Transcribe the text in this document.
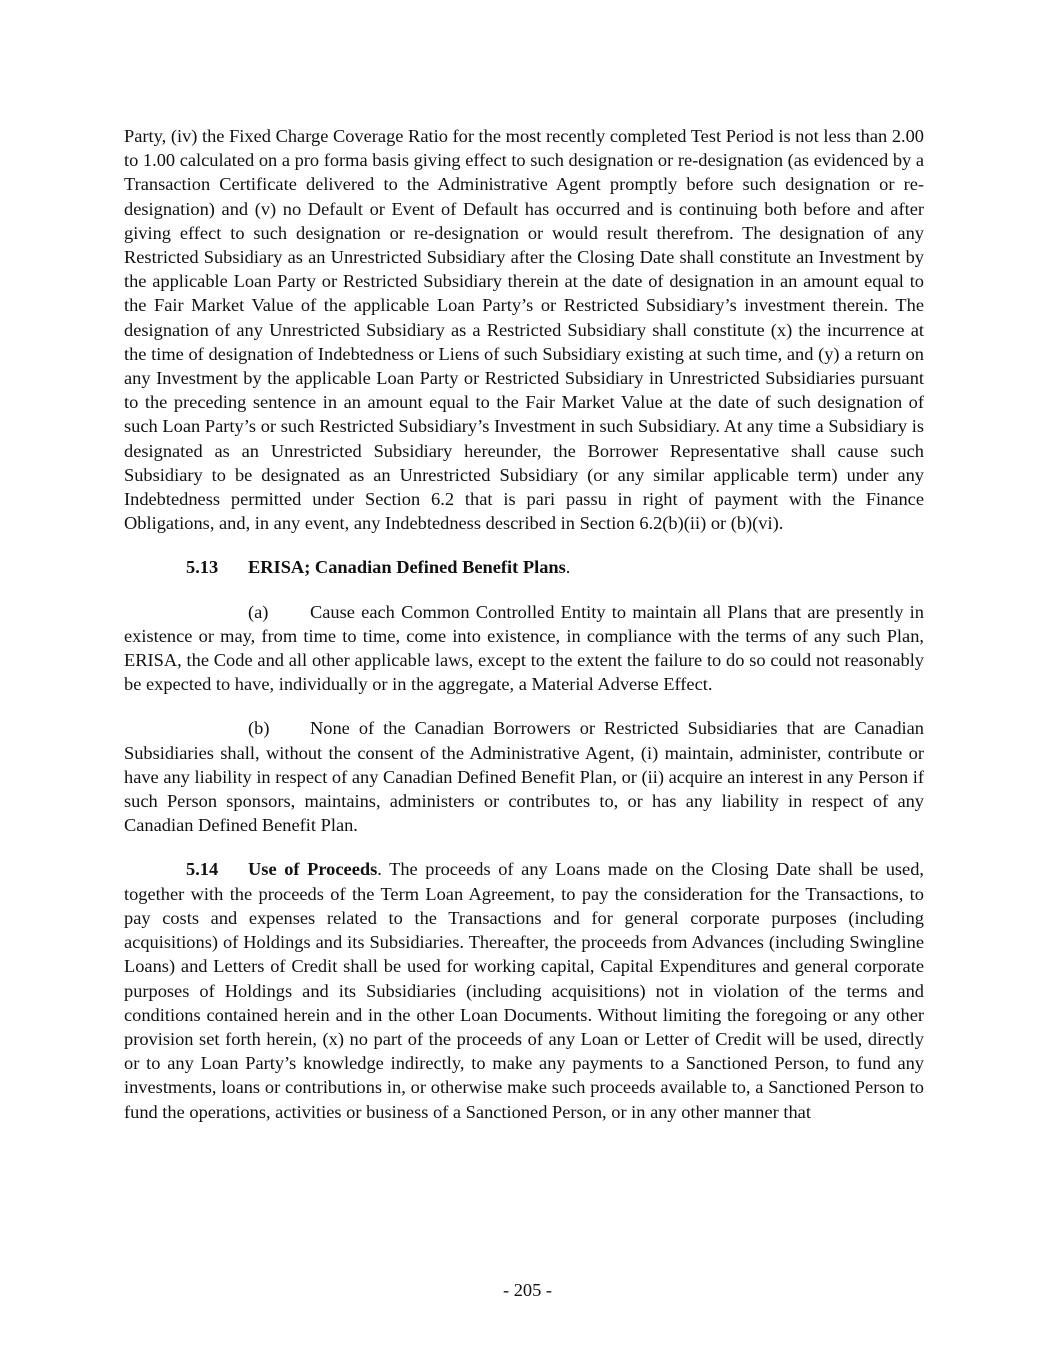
Party, (iv) the Fixed Charge Coverage Ratio for the most recently completed Test Period is not less than 2.00 to 1.00 calculated on a pro forma basis giving effect to such designation or re-designation (as evidenced by a Transaction Certificate delivered to the Administrative Agent promptly before such designation or re-designation) and (v) no Default or Event of Default has occurred and is continuing both before and after giving effect to such designation or re-designation or would result therefrom. The designation of any Restricted Subsidiary as an Unrestricted Subsidiary after the Closing Date shall constitute an Investment by the applicable Loan Party or Restricted Subsidiary therein at the date of designation in an amount equal to the Fair Market Value of the applicable Loan Party’s or Restricted Subsidiary’s investment therein. The designation of any Unrestricted Subsidiary as a Restricted Subsidiary shall constitute (x) the incurrence at the time of designation of Indebtedness or Liens of such Subsidiary existing at such time, and (y) a return on any Investment by the applicable Loan Party or Restricted Subsidiary in Unrestricted Subsidiaries pursuant to the preceding sentence in an amount equal to the Fair Market Value at the date of such designation of such Loan Party’s or such Restricted Subsidiary’s Investment in such Subsidiary. At any time a Subsidiary is designated as an Unrestricted Subsidiary hereunder, the Borrower Representative shall cause such Subsidiary to be designated as an Unrestricted Subsidiary (or any similar applicable term) under any Indebtedness permitted under Section 6.2 that is pari passu in right of payment with the Finance Obligations, and, in any event, any Indebtedness described in Section 6.2(b)(ii) or (b)(vi).

5.13 ERISA; Canadian Defined Benefit Plans.

(a) Cause each Common Controlled Entity to maintain all Plans that are presently in existence or may, from time to time, come into existence, in compliance with the terms of any such Plan, ERISA, the Code and all other applicable laws, except to the extent the failure to do so could not reasonably be expected to have, individually or in the aggregate, a Material Adverse Effect.

(b) None of the Canadian Borrowers or Restricted Subsidiaries that are Canadian Subsidiaries shall, without the consent of the Administrative Agent, (i) maintain, administer, contribute or have any liability in respect of any Canadian Defined Benefit Plan, or (ii) acquire an interest in any Person if such Person sponsors, maintains, administers or contributes to, or has any liability in respect of any Canadian Defined Benefit Plan.

5.14 Use of Proceeds. The proceeds of any Loans made on the Closing Date shall be used, together with the proceeds of the Term Loan Agreement, to pay the consideration for the Transactions, to pay costs and expenses related to the Transactions and for general corporate purposes (including acquisitions) of Holdings and its Subsidiaries. Thereafter, the proceeds from Advances (including Swingline Loans) and Letters of Credit shall be used for working capital, Capital Expenditures and general corporate purposes of Holdings and its Subsidiaries (including acquisitions) not in violation of the terms and conditions contained herein and in the other Loan Documents. Without limiting the foregoing or any other provision set forth herein, (x) no part of the proceeds of any Loan or Letter of Credit will be used, directly or to any Loan Party’s knowledge indirectly, to make any payments to a Sanctioned Person, to fund any investments, loans or contributions in, or otherwise make such proceeds available to, a Sanctioned Person to fund the operations, activities or business of a Sanctioned Person, or in any other manner that

- 205 -
